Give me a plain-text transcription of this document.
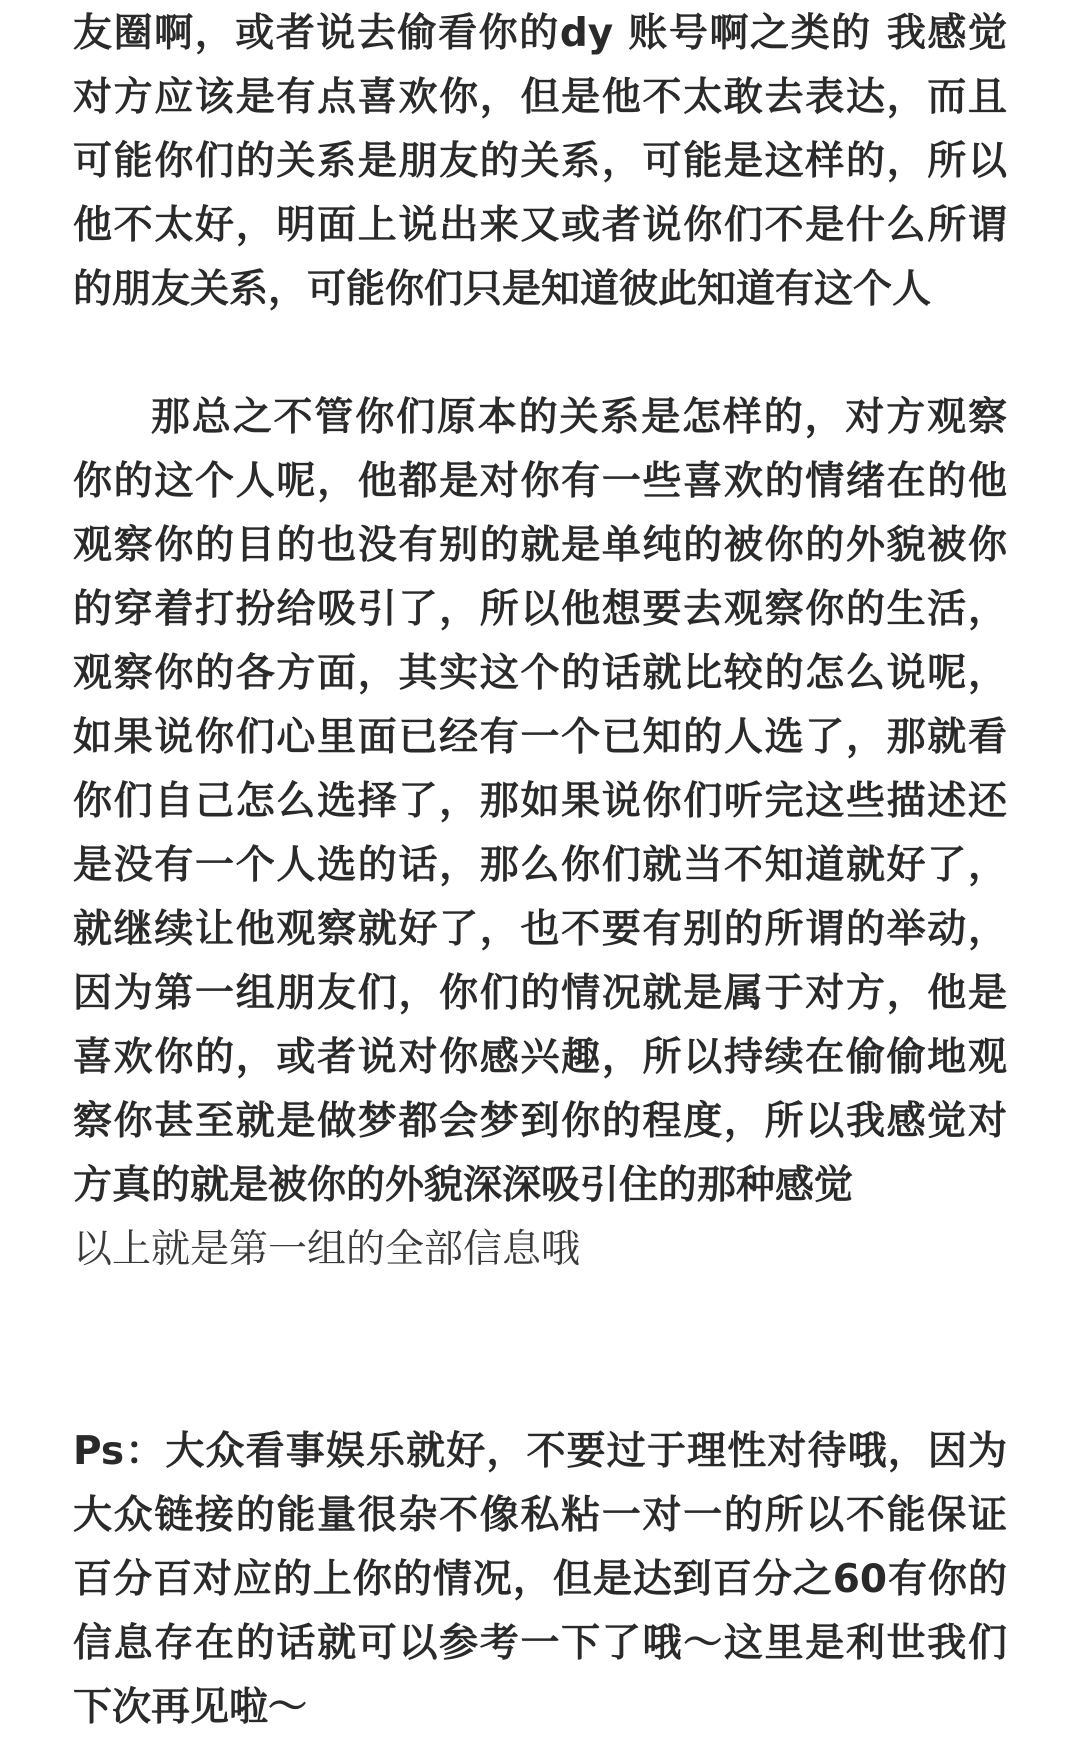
友圈啊，或者说去偷看你的dy 账号啊之类的 我感觉对方应该是有点喜欢你，但是他不太敢去表达，而且可能你们的关系是朋友的关系，可能是这样的，所以他不太好，明面上说出来又或者说你们不是什么所谓的朋友关系，可能你们只是知道彼此知道有这个人

那总之不管你们原本的关系是怎样的，对方观察你的这个人呢，他都是对你有一些喜欢的情绪在的他观察你的目的也没有别的就是单纯的被你的外貌被你的穿着打扮给吸引了，所以他想要去观察你的生活，观察你的各方面，其实这个的话就比较的怎么说呢，如果说你们心里面已经有一个已知的人选了，那就看你们自己怎么选择了，那如果说你们听完这些描述还是没有一个人选的话，那么你们就当不知道就好了，就继续让他观察就好了，也不要有别的所谓的举动，因为第一组朋友们，你们的情况就是属于对方，他是喜欢你的，或者说对你感兴趣，所以持续在偷偷地观察你甚至就是做梦都会梦到你的程度，所以我感觉对方真的就是被你的外貌深深吸引住的那种感觉

以上就是第一组的全部信息哦

Ps：大众看事娱乐就好，不要过于理性对待哦，因为大众链接的能量很杂不像私粘一对一的所以不能保证百分百对应的上你的情况，但是达到百分之60有你的信息存在的话就可以参考一下了哦～这里是利世我们下次再见啦～
